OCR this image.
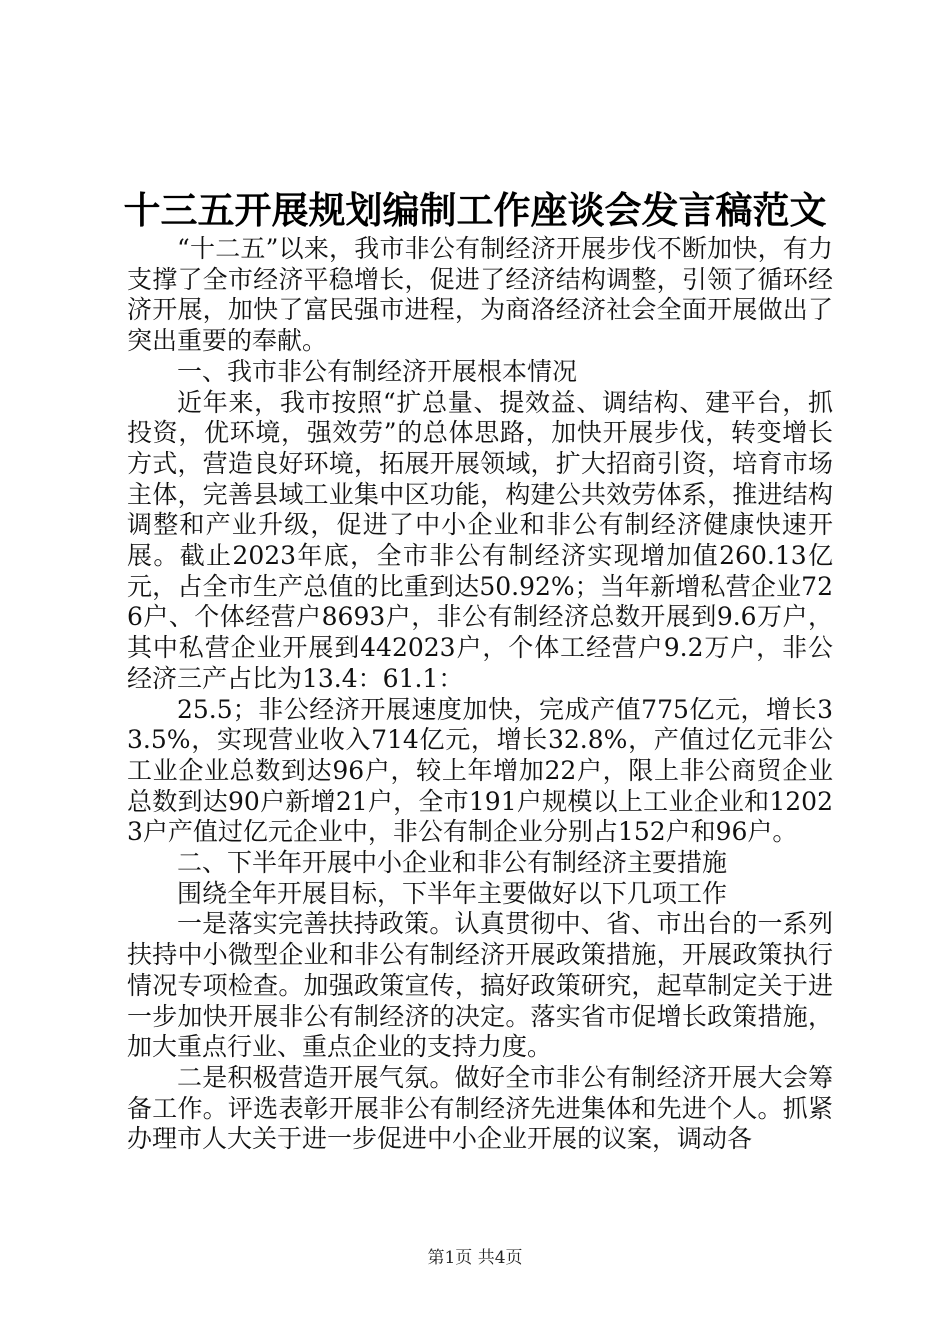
十三五开展规划编制工作座谈会发言稿范文

“十二五”以来，我市非公有制经济开展步伐不断加快，有力支撑了全市经济平稳增长，促进了经济结构调整，引领了循环经济开展，加快了富民强市进程，为商洛经济社会全面开展做出了突出重要的奉献。

一、我市非公有制经济开展根本情况

近年来，我市按照“扩总量、提效益、调结构、建平台，抓投资，优环境，强效劳”的总体思路，加快开展步伐，转变增长方式，营造良好环境，拓展开展领域，扩大招商引资，培育市场主体，完善县域工业集中区功能，构建公共效劳体系，推进结构调整和产业升级，促进了中小企业和非公有制经济健康快速开展。截止2023年底，全市非公有制经济实现增加值260.13亿元，占全市生产总值的比重到达50.92%；当年新增私营企业726户、个体经营户8693户，非公有制经济总数开展到9.6万户，其中私营企业开展到442023户，个体工经营户9.2万户，非公经济三产占比为13.4：61.1：

25.5；非公经济开展速度加快，完成产值775亿元，增长33.5%，实现营业收入714亿元，增长32.8%，产值过亿元非公工业企业总数到达96户，较上年增加22户，限上非公商贸企业总数到达90户新增21户，全市191户规模以上工业企业和12023户产值过亿元企业中，非公有制企业分别占152户和96户。

二、下半年开展中小企业和非公有制经济主要措施

围绕全年开展目标，下半年主要做好以下几项工作

一是落实完善扶持政策。认真贯彻中、省、市出台的一系列扶持中小微型企业和非公有制经济开展政策措施，开展政策执行情况专项检查。加强政策宣传，搞好政策研究，起草制定关于进一步加快开展非公有制经济的决定。落实省市促增长政策措施，加大重点行业、重点企业的支持力度。

二是积极营造开展气氛。做好全市非公有制经济开展大会筹备工作。评选表彰开展非公有制经济先进集体和先进个人。抓紧办理市人大关于进一步促进中小企业开展的议案，调动各

第1页 共4页
